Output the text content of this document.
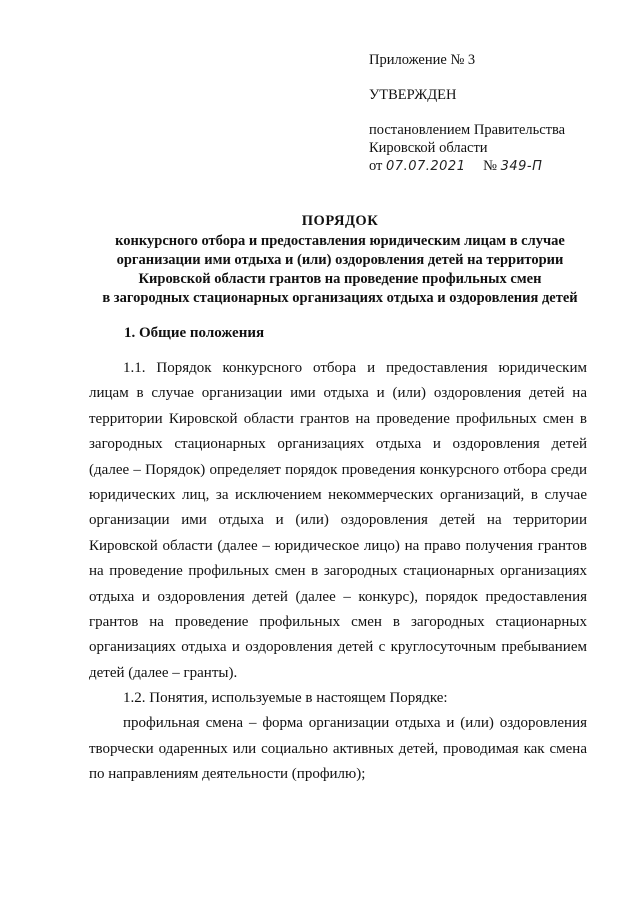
Приложение № 3
УТВЕРЖДЕН
постановлением Правительства
Кировской области
от 07.07.2021 № 349-П
ПОРЯДОК
конкурсного отбора и предоставления юридическим лицам в случае
организации ими отдыха и (или) оздоровления детей на территории
Кировской области грантов на проведение профильных смен
в загородных стационарных организациях отдыха и оздоровления детей
1. Общие положения
1.1. Порядок конкурсного отбора и предоставления юридическим
лицам в случае организации ими отдыха и (или) оздоровления детей на
территории Кировской области грантов на проведение профильных смен в
загородных стационарных организациях отдыха и оздоровления детей
(далее – Порядок) определяет порядок проведения конкурсного отбора среди
юридических лиц, за исключением некоммерческих организаций, в случае
организации ими отдыха и (или) оздоровления детей на территории
Кировской области (далее – юридическое лицо) на право получения грантов
на проведение профильных смен в загородных стационарных организациях
отдыха и оздоровления детей (далее – конкурс), порядок предоставления
грантов на проведение профильных смен в загородных стационарных
организациях отдыха и оздоровления детей с круглосуточным пребыванием
детей (далее – гранты).
1.2. Понятия, используемые в настоящем Порядке:
профильная смена – форма организации отдыха и (или) оздоровления
творчески одаренных или социально активных детей, проводимая как смена
по направлениям деятельности (профилю);
